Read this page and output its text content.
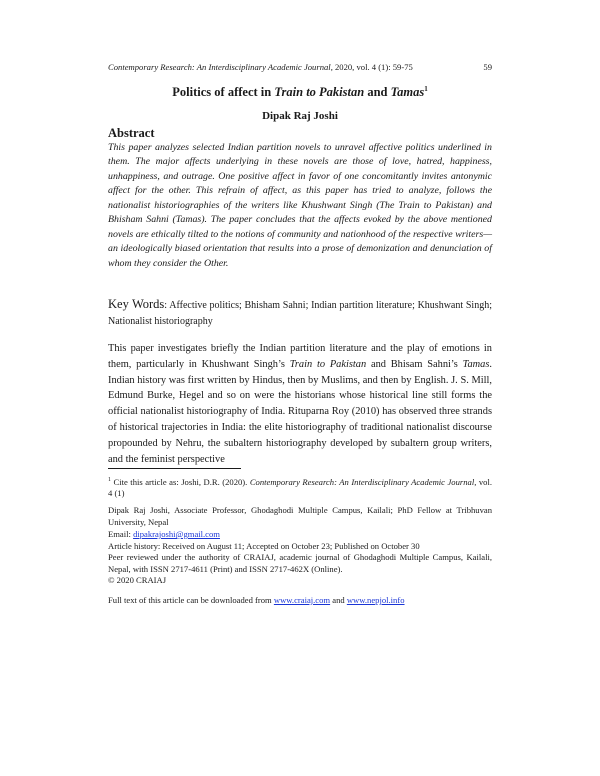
Contemporary Research: An Interdisciplinary Academic Journal, 2020, vol. 4 (1): 59-75	59
Politics of affect in Train to Pakistan and Tamas$^1$
Dipak Raj Joshi
Abstract

This paper analyzes selected Indian partition novels to unravel affective politics underlined in them. The major affects underlying in these novels are those of love, hatred, happiness, unhappiness, and outrage. One positive affect in favor of one concomitantly invites antonymic affect for the other. This refrain of affect, as this paper has tried to analyze, follows the nationalist historiographies of the writers like Khushwant Singh (The Train to Pakistan) and Bhisham Sahni (Tamas). The paper concludes that the affects evoked by the above mentioned novels are ethically tilted to the notions of community and nationhood of the respective writers—an ideologically biased orientation that results into a prose of demonization and denunciation of whom they consider the Other.

Key Words: Affective politics; Bhisham Sahni; Indian partition literature; Khushwant Singh; Nationalist historiography

This paper investigates briefly the Indian partition literature and the play of emotions in them, particularly in Khushwant Singh’s Train to Pakistan and Bhisam Sahni’s Tamas. Indian history was first written by Hindus, then by Muslims, and then by English. J. S. Mill, Edmund Burke, Hegel and so on were the historians whose historical line still forms the official nationalist historiography of India. Rituparna Roy (2010) has observed three strands of historical trajectories in India: the elite historiography of traditional nationalist discourse propounded by Nehru, the subaltern historiography developed by subaltern group writers, and the feminist perspective

$^1$ Cite this article as: Joshi, D.R. (2020). Contemporary Research: An Interdisciplinary Academic Journal, vol. 4 (1)

Dipak Raj Joshi, Associate Professor, Ghodaghodi Multiple Campus, Kailali; PhD Fellow at Tribhuvan University, Nepal

Email: dipakrajoshi@gmail.com

Article history: Received on August 11; Accepted on October 23; Published on October 30

Peer reviewed under the authority of CRAIAJ, academic journal of Ghodaghodi Multiple Campus, Kailali, Nepal, with ISSN 2717-4611 (Print) and ISSN 2717-462X (Online).

© 2020 CRAIAJ
Full text of this article can be downloaded from www.craiaj.com and www.nepjol.info
